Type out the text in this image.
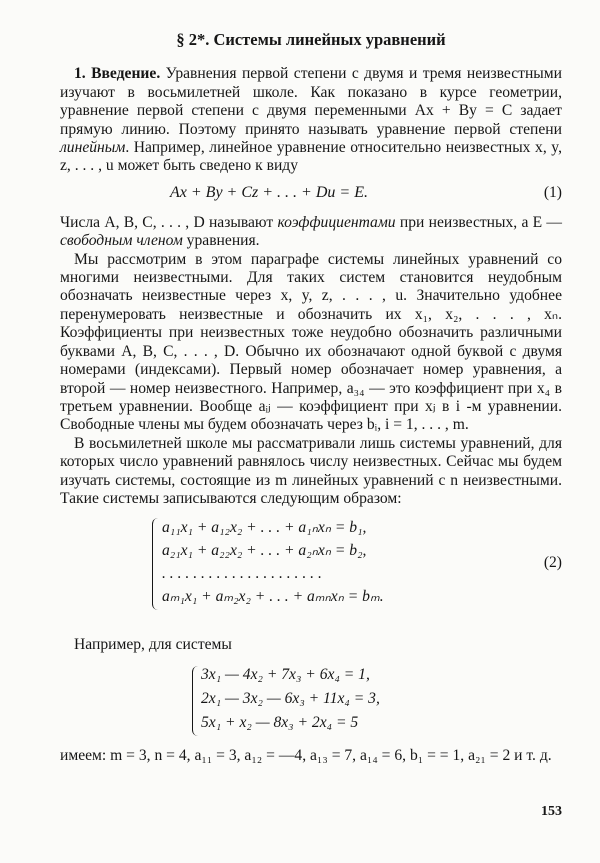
§ 2*. Системы линейных уравнений

1. Введение. Уравнения первой степени с двумя и тремя неизвестными изучают в восьмилетней школе. Как показано в курсе геометрии, уравнение первой степени с двумя переменными Ax + By = C задает прямую линию. Поэтому принято называть уравнение первой степени линейным. Например, линейное уравнение относительно неизвестных x, y, z, . . . , u может быть сведено к виду

Ax + By + Cz + . . . + Du = E.	(1)

Числа A, B, C, . . . , D называют коэффициентами при неизвестных, а E — свободным членом уравнения.

Мы рассмотрим в этом параграфе системы линейных уравнений со многими неизвестными. Для таких систем становится неудобным обозначать неизвестные через x, y, z, . . . , u. Значительно удобнее перенумеровать неизвестные и обозначить их x₁, x₂, . . . , xₙ. Коэффициенты при неизвестных тоже неудобно обозначить различными буквами A, B, C, . . . , D. Обычно их обозначают одной буквой с двумя номерами (индексами). Первый номер обозначает номер уравнения, а второй — номер неизвестного. Например, a₃₄ — это коэффициент при x₄ в третьем уравнении. Вообще aᵢⱼ — коэффициент при xⱼ в i -м уравнении. Свободные члены мы будем обозначать через bᵢ, i = 1, . . . , m.

В восьмилетней школе мы рассматривали лишь системы уравнений, для которых число уравнений равнялось числу неизвестных. Сейчас мы будем изучать системы, состоящие из m линейных уравнений с n неизвестными. Такие системы записываются следующим образом:

a₁₁x₁ + a₁₂x₂ + . . . + a₁ₙxₙ = b₁,
a₂₁x₁ + a₂₂x₂ + . . . + a₂ₙxₙ = b₂,
. . . . . . . . . . . . . . . . . . . . .
aₘ₁x₁ + aₘ₂x₂ + . . . + aₘₙxₙ = bₘ.
(2)

Например, для системы

3x₁ — 4x₂ + 7x₃ + 6x₄ = 1,
2x₁ — 3x₂ — 6x₃ + 11x₄ = 3,
5x₁ + x₂ — 8x₃ + 2x₄ = 5

имеем: m = 3, n = 4, a₁₁ = 3, a₁₂ = —4, a₁₃ = 7, a₁₄ = 6, b₁ = = 1, a₂₁ = 2 и т. д.

153
